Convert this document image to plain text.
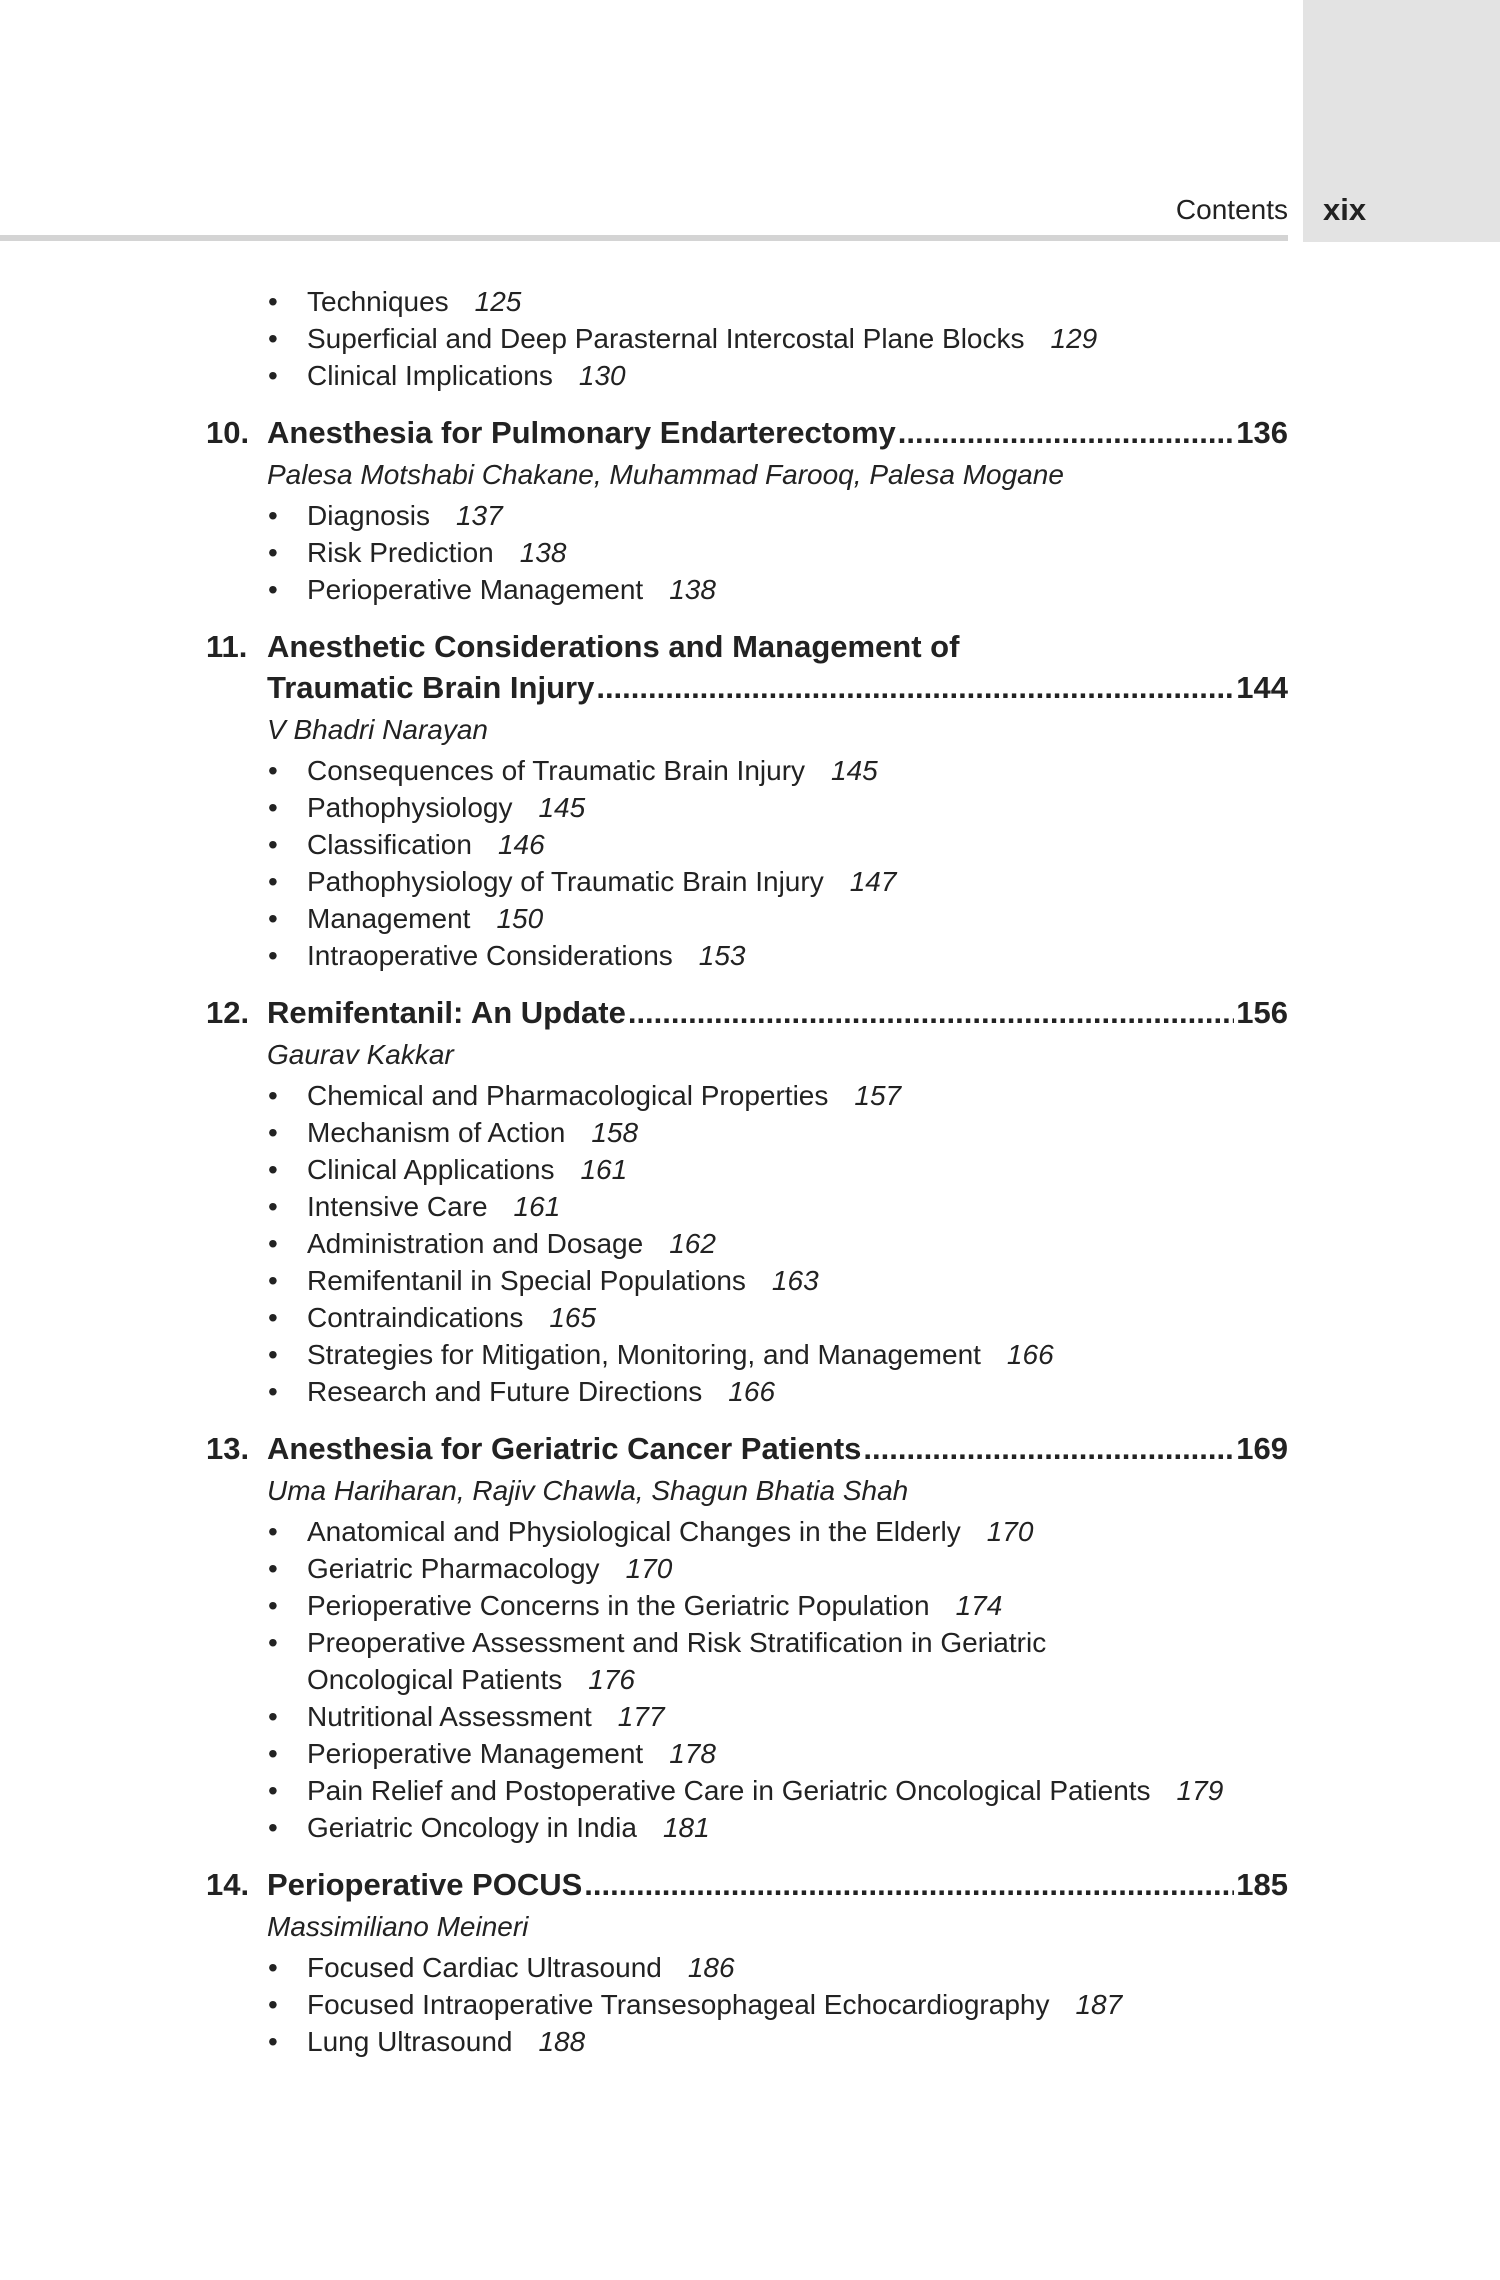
Contents	xix
• Techniques 125
• Superficial and Deep Parasternal Intercostal Plane Blocks 129
• Clinical Implications 130
10. Anesthesia for Pulmonary Endarterectomy .....	136
Palesa Motshabi Chakane, Muhammad Farooq, Palesa Mogane
• Diagnosis 137
• Risk Prediction 138
• Perioperative Management 138
11. Anesthetic Considerations and Management of
Traumatic Brain Injury .....	144
V Bhadri Narayan
• Consequences of Traumatic Brain Injury 145
• Pathophysiology 145
• Classification 146
• Pathophysiology of Traumatic Brain Injury 147
• Management 150
• Intraoperative Considerations 153
12. Remifentanil: An Update .....	156
Gaurav Kakkar
• Chemical and Pharmacological Properties 157
• Mechanism of Action 158
• Clinical Applications 161
• Intensive Care 161
• Administration and Dosage 162
• Remifentanil in Special Populations 163
• Contraindications 165
• Strategies for Mitigation, Monitoring, and Management 166
• Research and Future Directions 166
13. Anesthesia for Geriatric Cancer Patients .....	169
Uma Hariharan, Rajiv Chawla, Shagun Bhatia Shah
• Anatomical and Physiological Changes in the Elderly 170
• Geriatric Pharmacology 170
• Perioperative Concerns in the Geriatric Population 174
• Preoperative Assessment and Risk Stratification in Geriatric Oncological Patients 176
• Nutritional Assessment 177
• Perioperative Management 178
• Pain Relief and Postoperative Care in Geriatric Oncological Patients 179
• Geriatric Oncology in India 181
14. Perioperative POCUS .....	185
Massimiliano Meineri
• Focused Cardiac Ultrasound 186
• Focused Intraoperative Transesophageal Echocardiography 187
• Lung Ultrasound 188
